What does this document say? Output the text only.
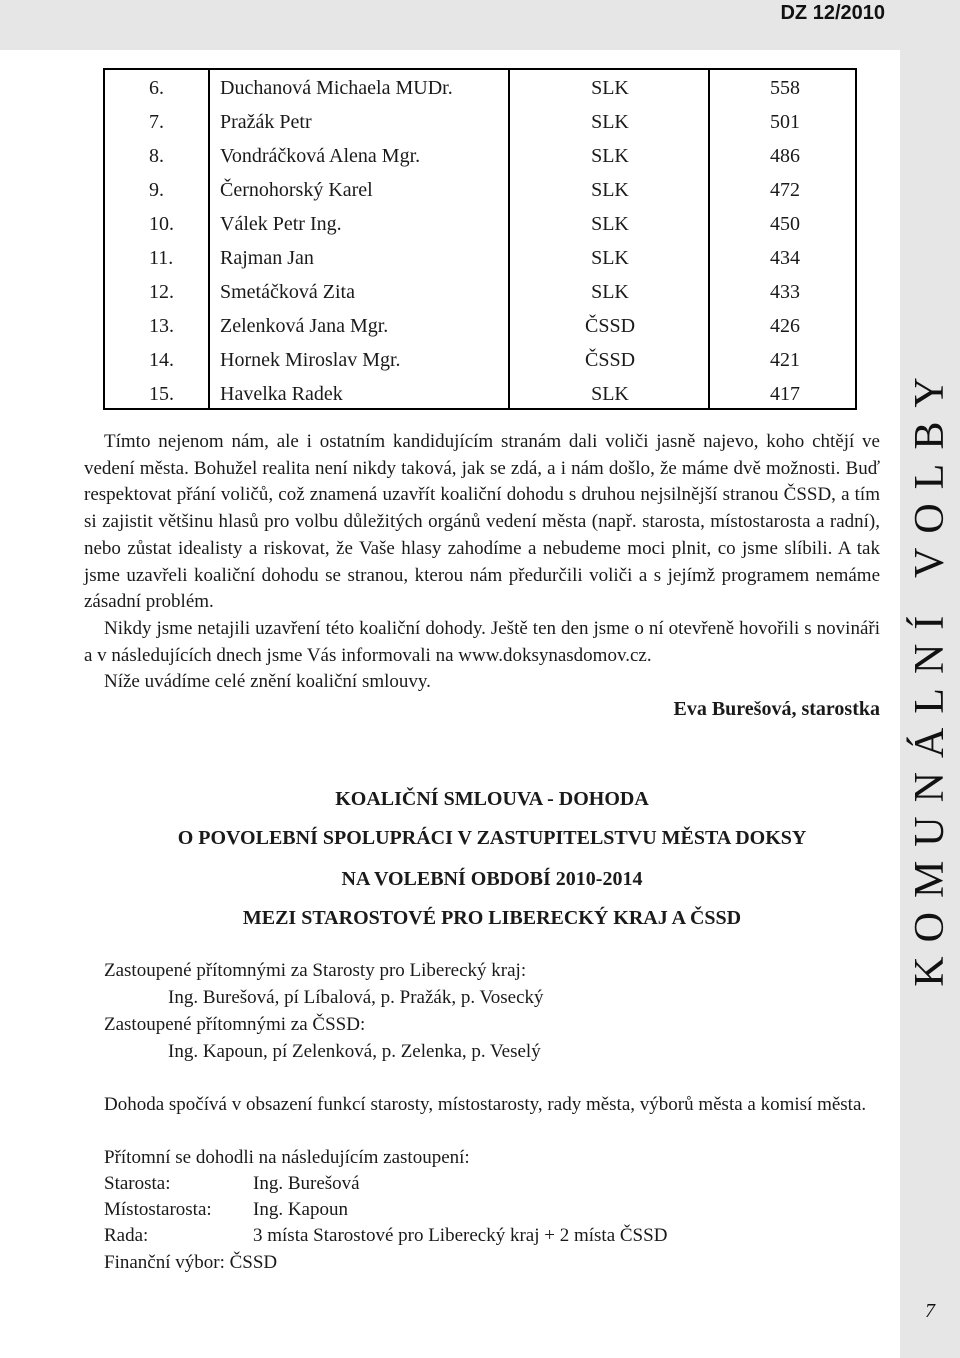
DZ 12/2010
KOMUNÁLNÍ VOLBY
7
6.	Duchanová Michaela MUDr.	SLK	558
7.	Pražák Petr	SLK	501
8.	Vondráčková Alena Mgr.	SLK	486
9.	Černohorský Karel	SLK	472
10. Válek Petr Ing.	SLK	450
11. Rajman Jan	SLK	434
12. Smetáčková Zita	SLK	433
13. Zelenková Jana Mgr.	ČSSD	426
14. Hornek Miroslav Mgr.	ČSSD	421
15. Havelka Radek	SLK	417

Tímto nejenom nám, ale i ostatním kandidujícím stranám dali voliči jasně najevo, koho chtějí ve vedení města. Bohužel realita není nikdy taková, jak se zdá, a i nám došlo, že máme dvě možnosti. Buď respektovat přání voličů, což znamená uzavřít koaliční dohodu s druhou nejsilnější stranou ČSSD, a tím si zajistit většinu hlasů pro volbu důležitých orgánů vedení města (např. starosta, místostarosta a radní), nebo zůstat idealisty a riskovat, že Vaše hlasy zahodíme a nebudeme moci plnit, co jsme slíbili. A tak jsme uzavřeli koaliční dohodu se stranou, kterou nám předurčili voliči a s jejímž programem nemáme zásadní problém.

Nikdy jsme netajili uzavření této koaliční dohody. Ještě ten den jsme o ní otevřeně hovořili s novináři a v následujících dnech jsme Vás informovali na www.doksynasdomov.cz.

Níže uvádíme celé znění koaliční smlouvy.

Eva Burešová, starostka
KOALIČNÍ SMLOUVA - DOHODA
O POVOLEBNÍ SPOLUPRÁCI V ZASTUPITELSTVU MĚSTA DOKSY
NA VOLEBNÍ OBDOBÍ 2010-2014
MEZI STAROSTOVÉ PRO LIBERECKÝ KRAJ A ČSSD
Zastoupené přítomnými za Starosty pro Liberecký kraj:
Ing. Burešová, pí Líbalová, p. Pražák, p. Vosecký
Zastoupené přítomnými za ČSSD:
Ing. Kapoun, pí Zelenková, p. Zelenka, p. Veselý

Dohoda spočívá v obsazení funkcí starosty, místostarosty, rady města, výborů města a komisí města.

Přítomní se dohodli na následujícím zastoupení:
Starosta:	Ing. Burešová
Místostarosta: Ing. Kapoun
Rada:	3 místa Starostové pro Liberecký kraj + 2 místa ČSSD
Finanční výbor: ČSSD
